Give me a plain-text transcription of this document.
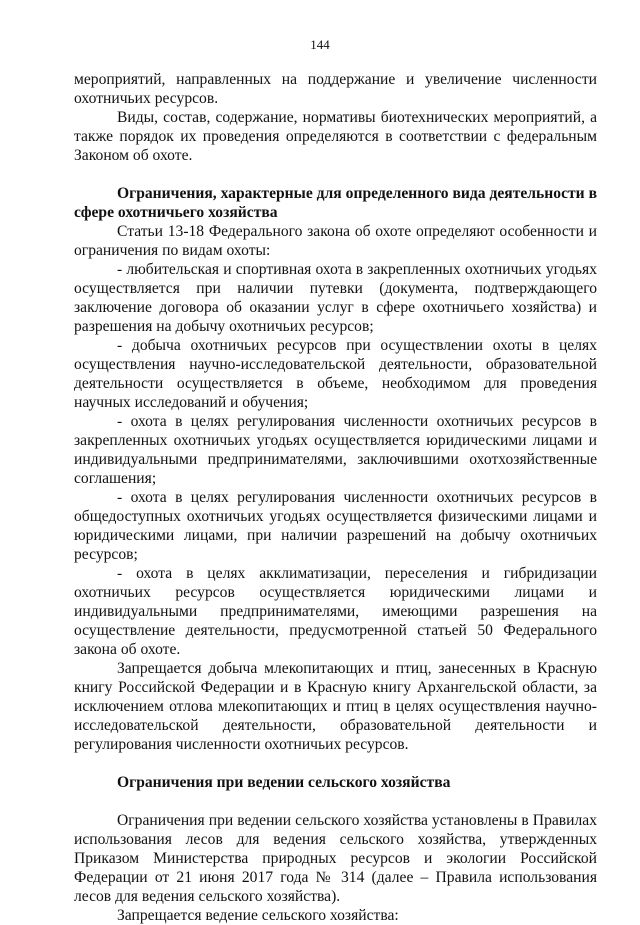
144

мероприятий, направленных на поддержание и увеличение численности охотничьих ресурсов.

Виды, состав, содержание, нормативы биотехнических мероприятий, а также порядок их проведения определяются в соответствии с федеральным Законом об охоте.

Ограничения, характерные для определенного вида деятельности в сфере охотничьего хозяйства

Статьи 13-18 Федерального закона об охоте определяют особенности и ограничения по видам охоты:

- любительская и спортивная охота в закрепленных охотничьих угодьях осуществляется при наличии путевки (документа, подтверждающего заключение договора об оказании услуг в сфере охотничьего хозяйства) и разрешения на добычу охотничьих ресурсов;

- добыча охотничьих ресурсов при осуществлении охоты в целях осуществления научно-исследовательской деятельности, образовательной деятельности осуществляется в объеме, необходимом для проведения научных исследований и обучения;

- охота в целях регулирования численности охотничьих ресурсов в закрепленных охотничьих угодьях осуществляется юридическими лицами и индивидуальными предпринимателями, заключившими охотхозяйственные соглашения;

- охота в целях регулирования численности охотничьих ресурсов в общедоступных охотничьих угодьях осуществляется физическими лицами и юридическими лицами, при наличии разрешений на добычу охотничьих ресурсов;

- охота в целях акклиматизации, переселения и гибридизации охотничьих ресурсов осуществляется юридическими лицами и индивидуальными предпринимателями, имеющими разрешения на осуществление деятельности, предусмотренной статьей 50 Федерального закона об охоте.

Запрещается добыча млекопитающих и птиц, занесенных в Красную книгу Российской Федерации и в Красную книгу Архангельской области, за исключением отлова млекопитающих и птиц в целях осуществления научно-исследовательской деятельности, образовательной деятельности и регулирования численности охотничьих ресурсов.

Ограничения при ведении сельского хозяйства

Ограничения при ведении сельского хозяйства установлены в Правилах использования лесов для ведения сельского хозяйства, утвержденных Приказом Министерства природных ресурсов и экологии Российской Федерации от 21 июня 2017 года № 314 (далее – Правила использования лесов для ведения сельского хозяйства).

Запрещается ведение сельского хозяйства:
